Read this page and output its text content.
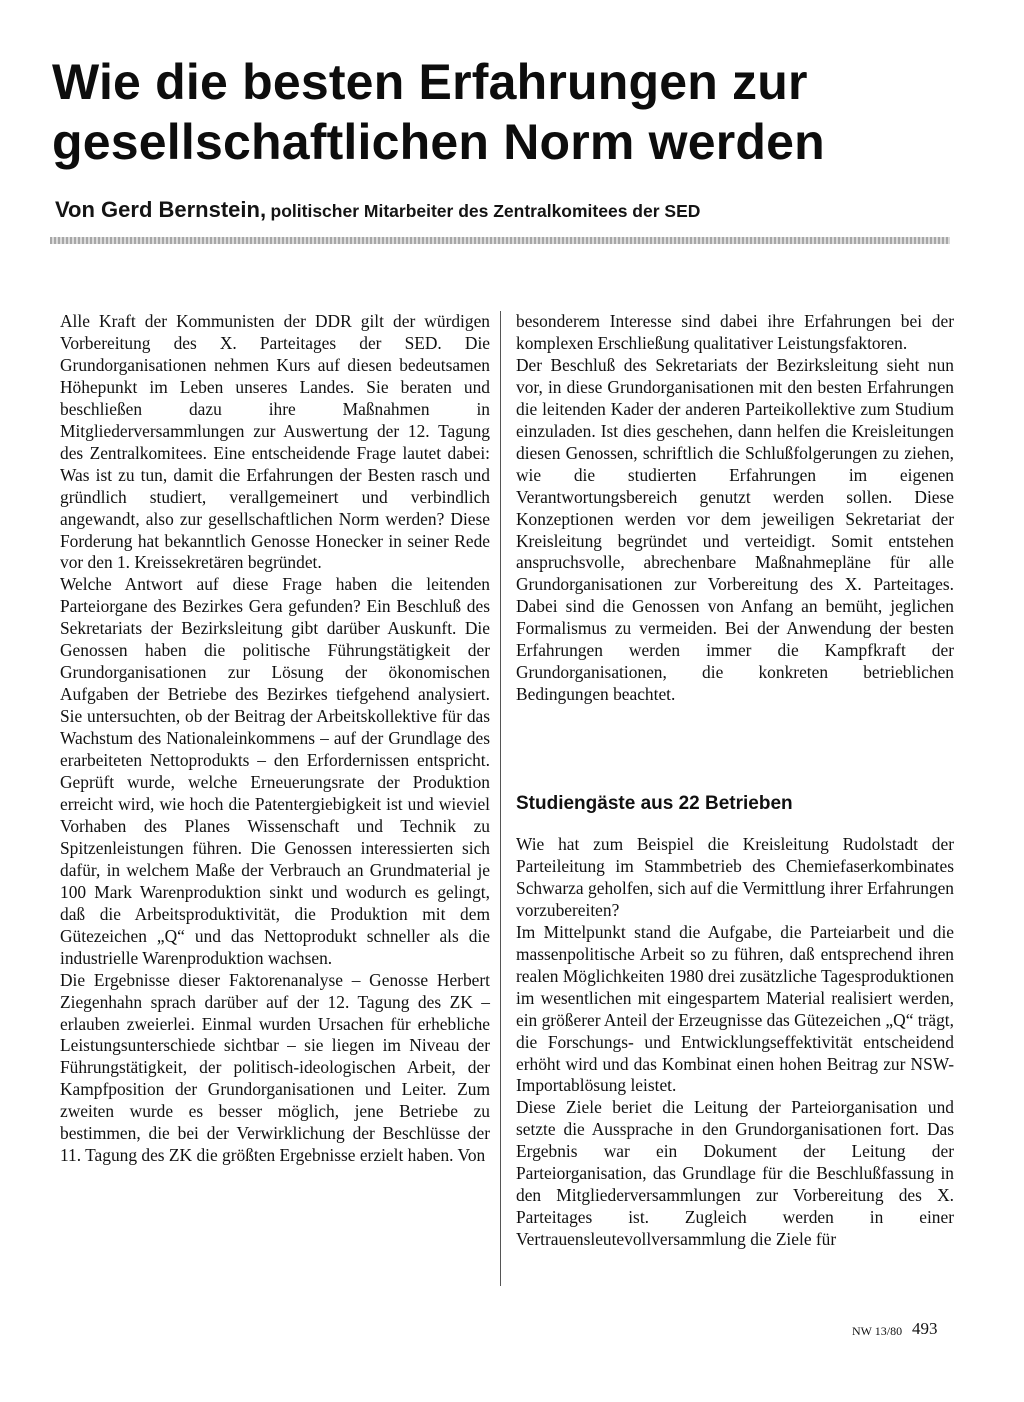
Wie die besten Erfahrungen zur gesellschaftlichen Norm werden
Von Gerd Bernstein, politischer Mitarbeiter des Zentralkomitees der SED

Alle Kraft der Kommunisten der DDR gilt der würdigen Vorbereitung des X. Parteitages der SED. Die Grundorganisationen nehmen Kurs auf diesen bedeutsamen Höhepunkt im Leben unseres Landes. Sie beraten und beschließen dazu ihre Maßnahmen in Mitgliederversammlungen zur Auswertung der 12. Tagung des Zentralkomitees. Eine entscheidende Frage lautet dabei: Was ist zu tun, damit die Erfahrungen der Besten rasch und gründlich studiert, verallgemeinert und verbindlich angewandt, also zur gesellschaftlichen Norm werden? Diese Forderung hat bekanntlich Genosse Honecker in seiner Rede vor den 1. Kreissekretären begründet.

Welche Antwort auf diese Frage haben die leitenden Parteiorgane des Bezirkes Gera gefunden? Ein Beschluß des Sekretariats der Bezirksleitung gibt darüber Auskunft. Die Genossen haben die politische Führungstätigkeit der Grundorganisationen zur Lösung der ökonomischen Aufgaben der Betriebe des Bezirkes tiefgehend analysiert. Sie untersuchten, ob der Beitrag der Arbeitskollektive für das Wachstum des Nationaleinkommens – auf der Grundlage des erarbeiteten Nettoprodukts – den Erfordernissen entspricht. Geprüft wurde, welche Erneuerungsrate der Produktion erreicht wird, wie hoch die Patentergiebigkeit ist und wieviel Vorhaben des Planes Wissenschaft und Technik zu Spitzenleistungen führen. Die Genossen interessierten sich dafür, in welchem Maße der Verbrauch an Grundmaterial je 100 Mark Warenproduktion sinkt und wodurch es gelingt, daß die Arbeitsproduktivität, die Produktion mit dem Gütezeichen „Q“ und das Nettoprodukt schneller als die industrielle Warenproduktion wachsen.

Die Ergebnisse dieser Faktorenanalyse – Genosse Herbert Ziegenhahn sprach darüber auf der 12. Tagung des ZK – erlauben zweierlei. Einmal wurden Ursachen für erhebliche Leistungsunterschiede sichtbar – sie liegen im Niveau der Führungstätigkeit, der politisch-ideologischen Arbeit, der Kampfposition der Grundorganisationen und Leiter. Zum zweiten wurde es besser möglich, jene Betriebe zu bestimmen, die bei der Verwirklichung der Beschlüsse der 11. Tagung des ZK die größten Ergebnisse erzielt haben. Von

besonderem Interesse sind dabei ihre Erfahrungen bei der komplexen Erschließung qualitativer Leistungsfaktoren.

Der Beschluß des Sekretariats der Bezirksleitung sieht nun vor, in diese Grundorganisationen mit den besten Erfahrungen die leitenden Kader der anderen Parteikollektive zum Studium einzuladen. Ist dies geschehen, dann helfen die Kreisleitungen diesen Genossen, schriftlich die Schlußfolgerungen zu ziehen, wie die studierten Erfahrungen im eigenen Verantwortungsbereich genutzt werden sollen. Diese Konzeptionen werden vor dem jeweiligen Sekretariat der Kreisleitung begründet und verteidigt. Somit entstehen anspruchsvolle, abrechenbare Maßnahmepläne für alle Grundorganisationen zur Vorbereitung des X. Parteitages. Dabei sind die Genossen von Anfang an bemüht, jeglichen Formalismus zu vermeiden. Bei der Anwendung der besten Erfahrungen werden immer die Kampfkraft der Grundorganisationen, die konkreten betrieblichen Bedingungen beachtet.

Studiengäste aus 22 Betrieben

Wie hat zum Beispiel die Kreisleitung Rudolstadt der Parteileitung im Stammbetrieb des Chemiefaserkombinates Schwarza geholfen, sich auf die Vermittlung ihrer Erfahrungen vorzubereiten?

Im Mittelpunkt stand die Aufgabe, die Parteiarbeit und die massenpolitische Arbeit so zu führen, daß entsprechend ihren realen Möglichkeiten 1980 drei zusätzliche Tagesproduktionen im wesentlichen mit eingespartem Material realisiert werden, ein größerer Anteil der Erzeugnisse das Gütezeichen „Q“ trägt, die Forschungs- und Entwicklungseffektivität entscheidend erhöht wird und das Kombinat einen hohen Beitrag zur NSW-Importablösung leistet.

Diese Ziele beriet die Leitung der Parteiorganisation und setzte die Aussprache in den Grundorganisationen fort. Das Ergebnis war ein Dokument der Leitung der Parteiorganisation, das Grundlage für die Beschlußfassung in den Mitgliederversammlungen zur Vorbereitung des X. Parteitages ist. Zugleich werden in einer Vertrauensleutevollversammlung die Ziele für

NW 13/80 493
